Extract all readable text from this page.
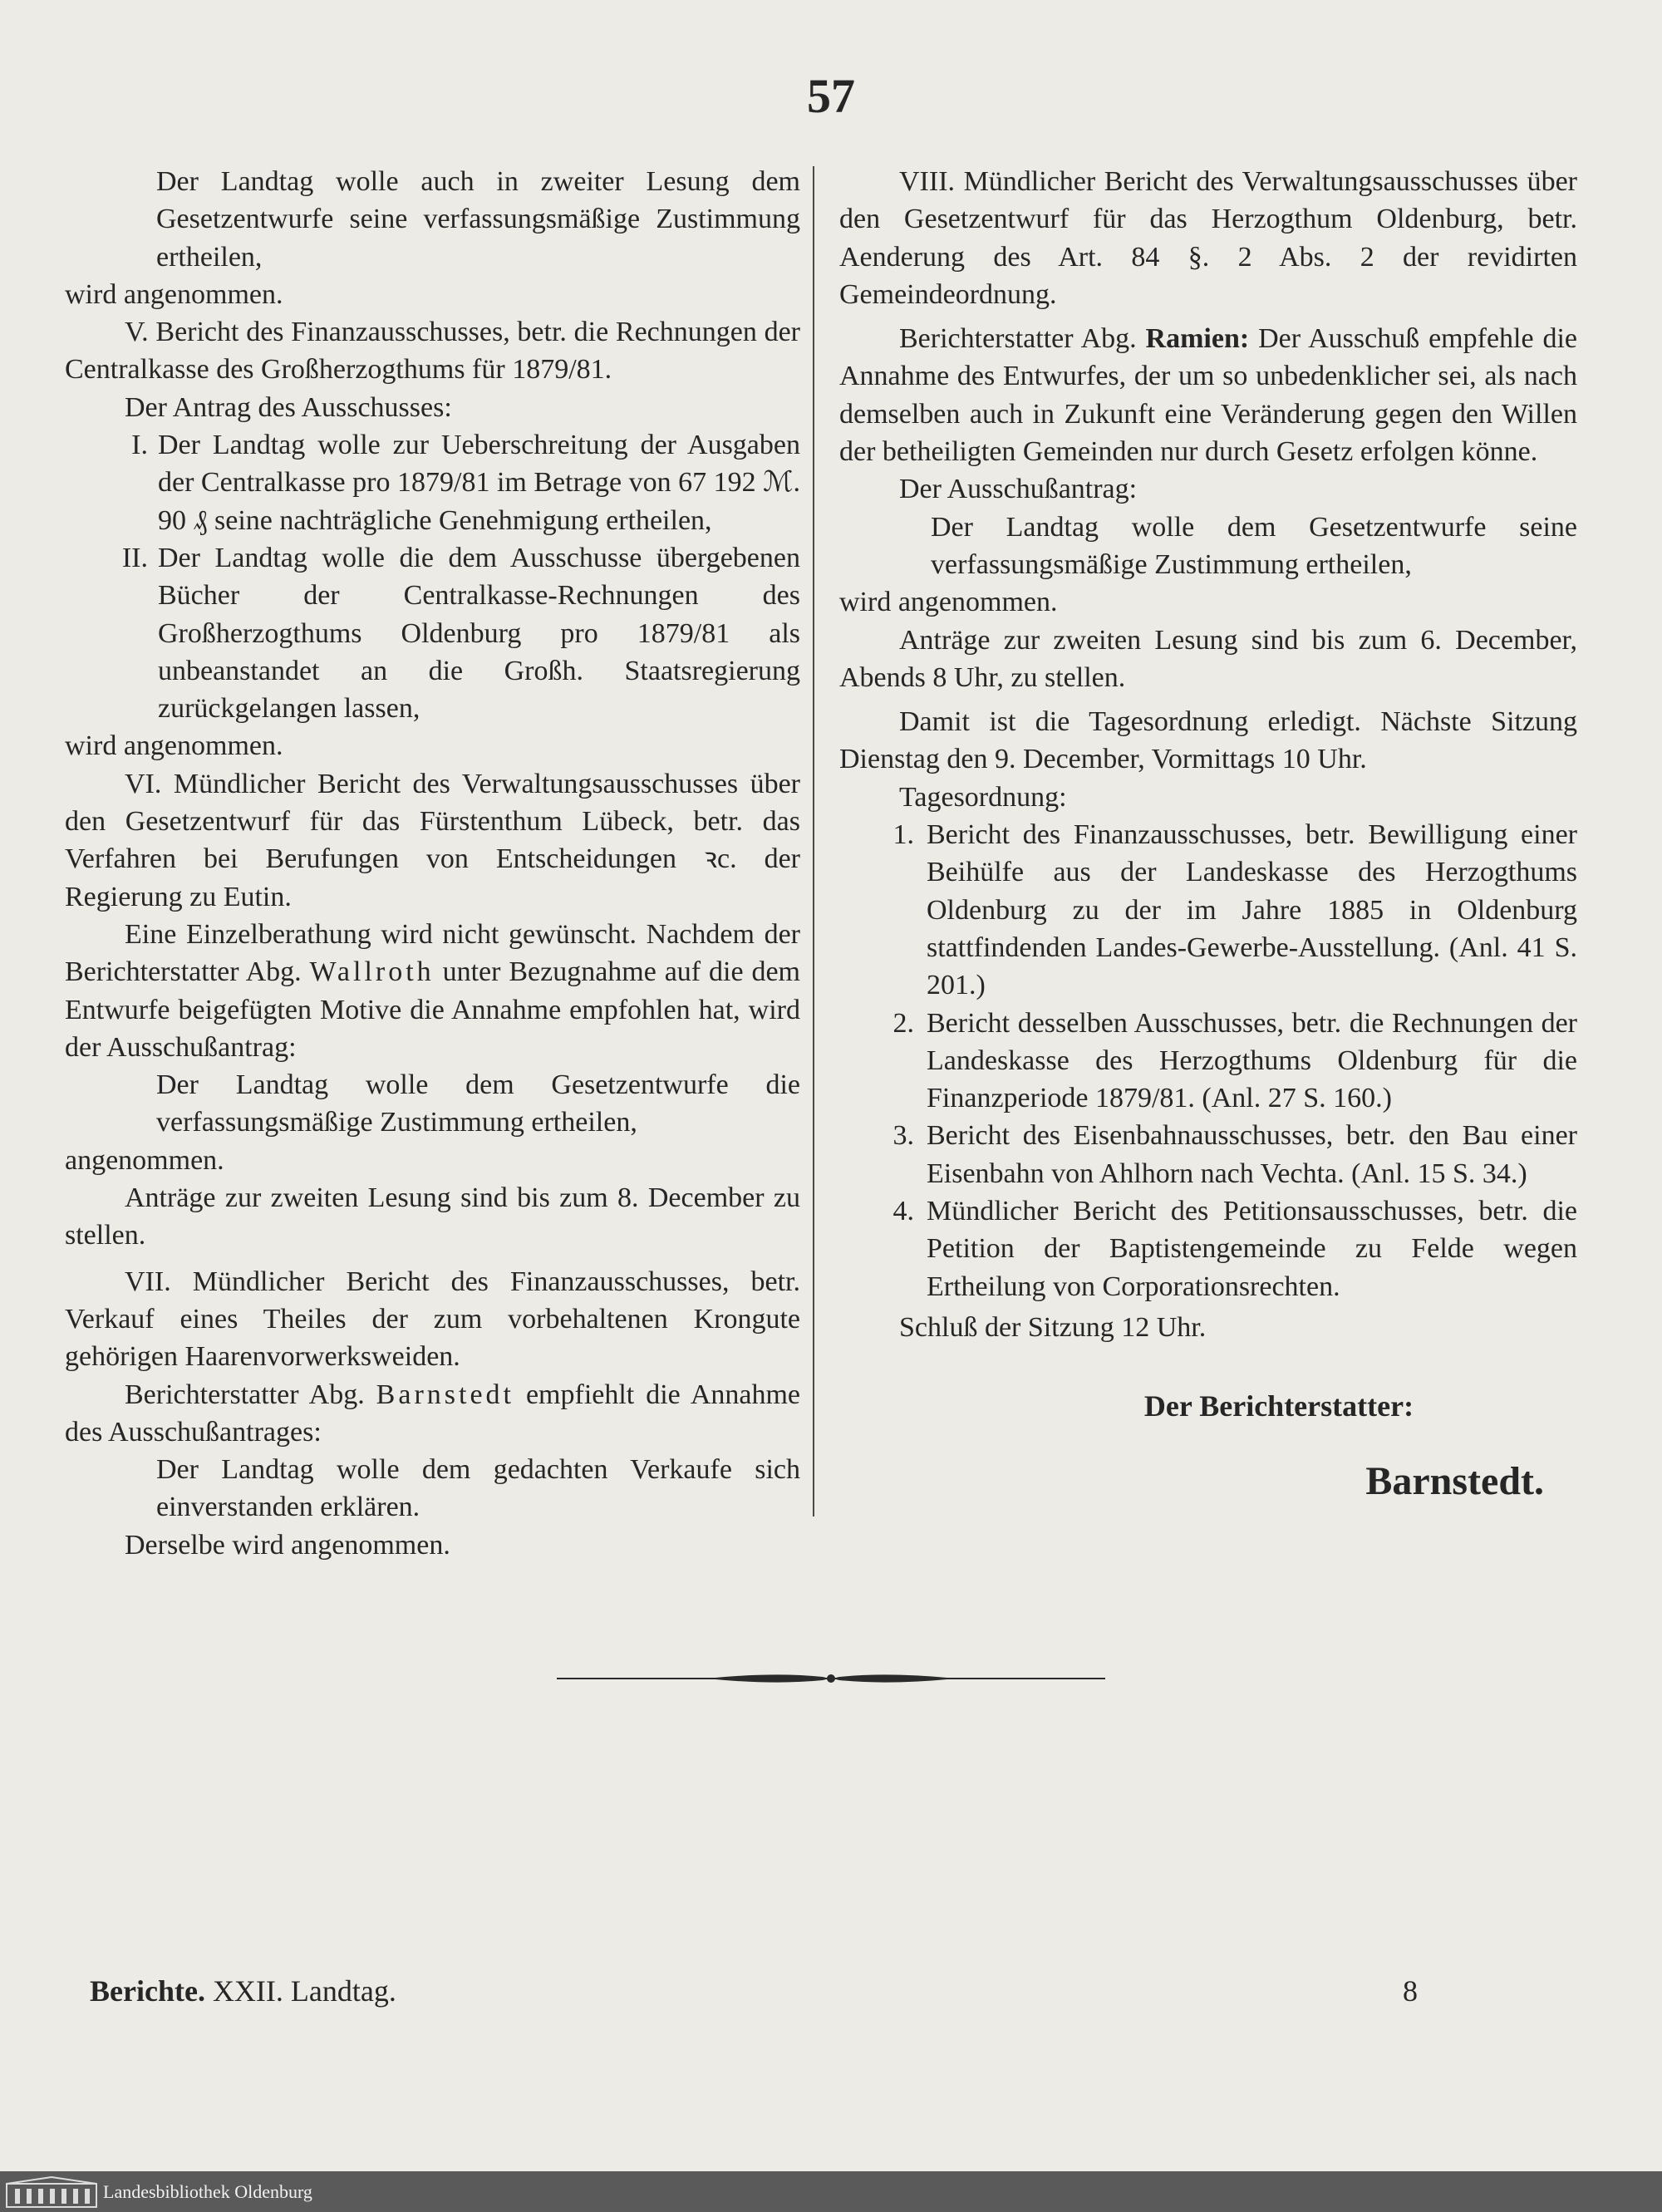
57

Der Landtag wolle auch in zweiter Lesung dem Gesetzentwurfe seine verfassungsmäßige Zustimmung ertheilen,

wird angenommen.

V. Bericht des Finanzausschusses, betr. die Rechnungen der Centralkasse des Großherzogthums für 1879/81.

Der Antrag des Ausschusses:

I. Der Landtag wolle zur Ueberschreitung der Ausgaben der Centralkasse pro 1879/81 im Betrage von 67 192 ℳ. 90 ₰ seine nachträgliche Genehmigung ertheilen,

II. Der Landtag wolle die dem Ausschusse übergebenen Bücher der Centralkasse-Rechnungen des Großherzogthums Oldenburg pro 1879/81 als unbeanstandet an die Großh. Staatsregierung zurückgelangen lassen,

wird angenommen.

VI. Mündlicher Bericht des Verwaltungsausschusses über den Gesetzentwurf für das Fürstenthum Lübeck, betr. das Verfahren bei Berufungen von Entscheidungen ꝛc. der Regierung zu Eutin.

Eine Einzelberathung wird nicht gewünscht. Nachdem der Berichterstatter Abg. Wallroth unter Bezugnahme auf die dem Entwurfe beigefügten Motive die Annahme empfohlen hat, wird der Ausschußantrag:

Der Landtag wolle dem Gesetzentwurfe die verfassungsmäßige Zustimmung ertheilen,

angenommen.

Anträge zur zweiten Lesung sind bis zum 8. December zu stellen.

VII. Mündlicher Bericht des Finanzausschusses, betr. Verkauf eines Theiles der zum vorbehaltenen Krongute gehörigen Haarenvorwerksweiden.

Berichterstatter Abg. Barnstedt empfiehlt die Annahme des Ausschußantrages:

Der Landtag wolle dem gedachten Verkaufe sich einverstanden erklären.

Derselbe wird angenommen.

VIII. Mündlicher Bericht des Verwaltungsausschusses über den Gesetzentwurf für das Herzogthum Oldenburg, betr. Aenderung des Art. 84 §. 2 Abs. 2 der revidirten Gemeindeordnung.

Berichterstatter Abg. Ramien: Der Ausschuß empfehle die Annahme des Entwurfes, der um so unbedenklicher sei, als nach demselben auch in Zukunft eine Veränderung gegen den Willen der betheiligten Gemeinden nur durch Gesetz erfolgen könne.

Der Ausschußantrag:

Der Landtag wolle dem Gesetzentwurfe seine verfassungsmäßige Zustimmung ertheilen,

wird angenommen.

Anträge zur zweiten Lesung sind bis zum 6. December, Abends 8 Uhr, zu stellen.

Damit ist die Tagesordnung erledigt. Nächste Sitzung Dienstag den 9. December, Vormittags 10 Uhr.

Tagesordnung:

1. Bericht des Finanzausschusses, betr. Bewilligung einer Beihülfe aus der Landeskasse des Herzogthums Oldenburg zu der im Jahre 1885 in Oldenburg stattfindenden Landes-Gewerbe-Ausstellung. (Anl. 41 S. 201.)

2. Bericht desselben Ausschusses, betr. die Rechnungen der Landeskasse des Herzogthums Oldenburg für die Finanzperiode 1879/81. (Anl. 27 S. 160.)

3. Bericht des Eisenbahnausschusses, betr. den Bau einer Eisenbahn von Ahlhorn nach Vechta. (Anl. 15 S. 34.)

4. Mündlicher Bericht des Petitionsausschusses, betr. die Petition der Baptistengemeinde zu Felde wegen Ertheilung von Corporationsrechten.

Schluß der Sitzung 12 Uhr.

Der Berichterstatter:
Barnstedt.
Berichte. XXII. Landtag.	8
Landesbibliothek Oldenburg
